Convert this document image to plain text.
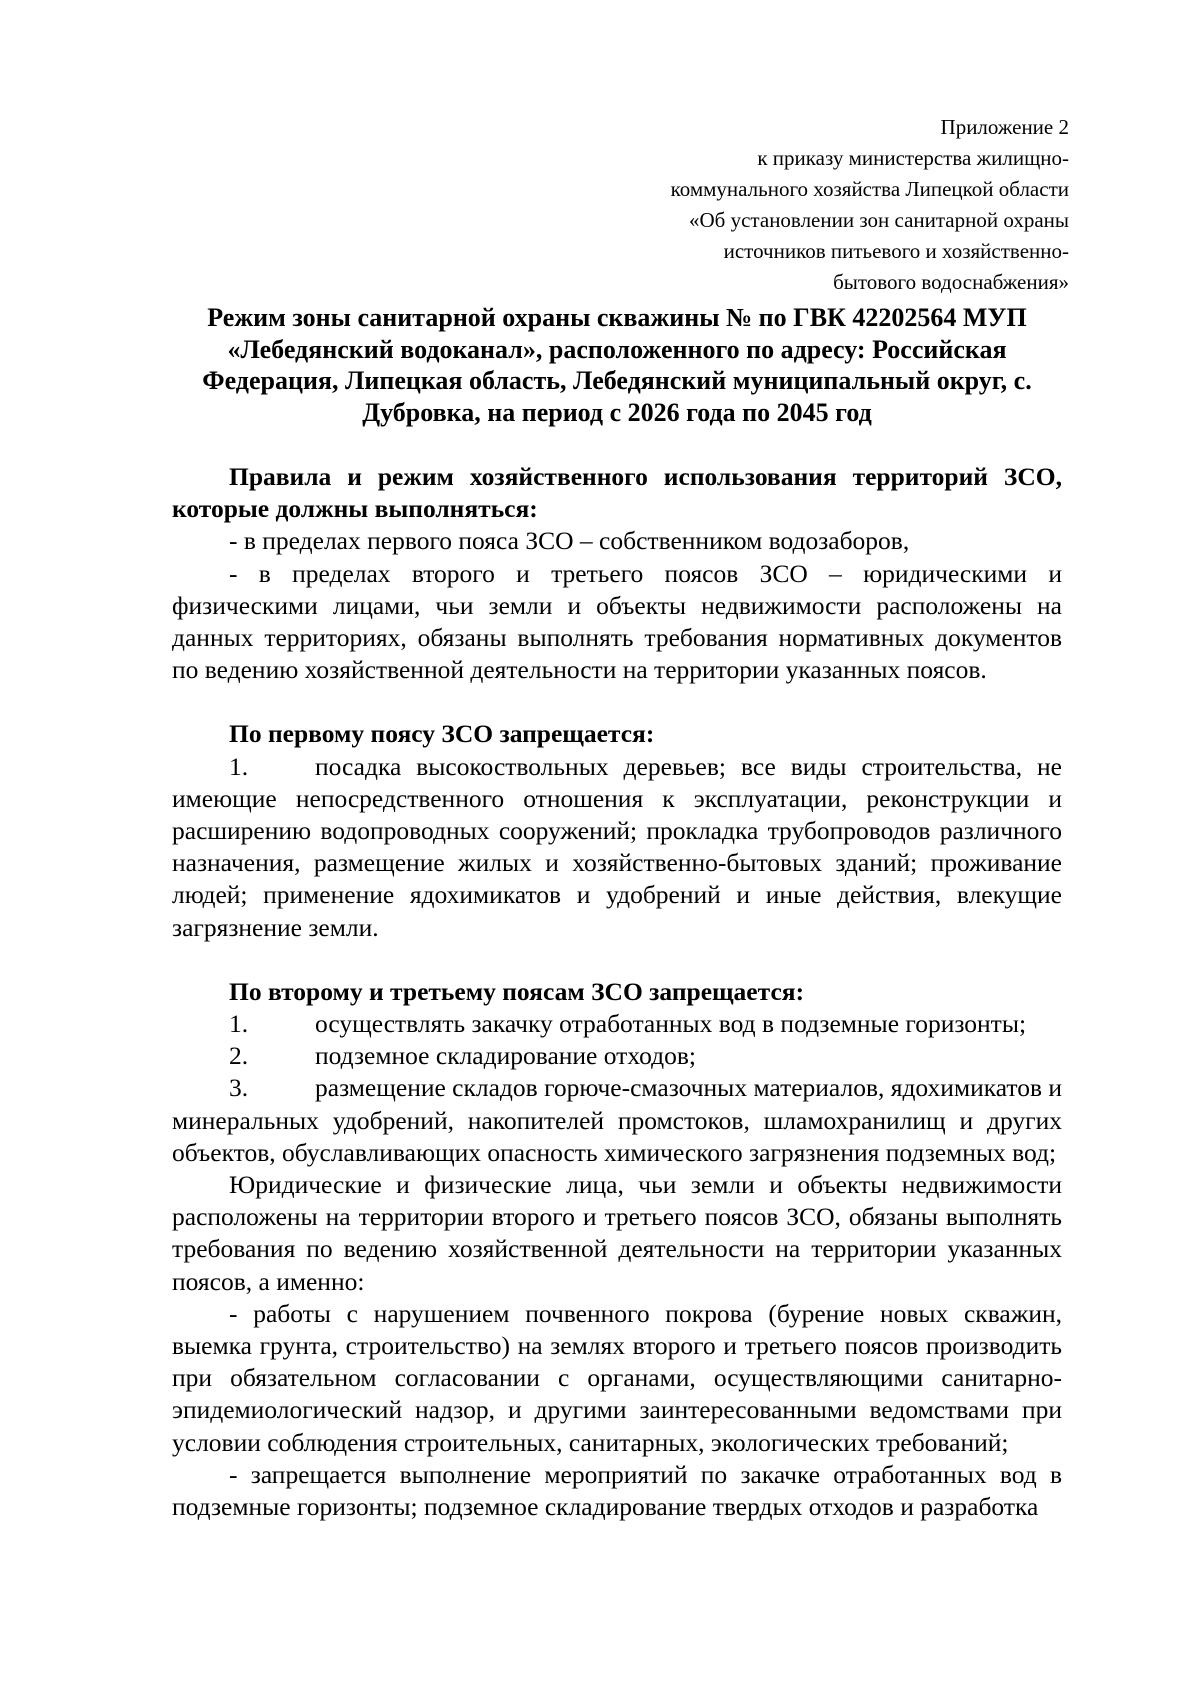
Приложение 2
к приказу министерства жилищно-
коммунального хозяйства Липецкой области
«Об установлении зон санитарной охраны
источников питьевого и хозяйственно-
бытового водоснабжения»
Режим зоны санитарной охраны скважины № по ГВК 42202564 МУП «Лебедянский водоканал», расположенного по адресу: Российская Федерация, Липецкая область, Лебедянский муниципальный округ, с. Дубровка, на период с 2026 года по 2045 год

Правила и режим хозяйственного использования территорий ЗСО, которые должны выполняться:

- в пределах первого пояса ЗСО – собственником водозаборов,

- в пределах второго и третьего поясов ЗСО – юридическими и физическими лицами, чьи земли и объекты недвижимости расположены на данных территориях, обязаны выполнять требования нормативных документов по ведению хозяйственной деятельности на территории указанных поясов.

По первому поясу ЗСО запрещается:

1.	посадка высокоствольных деревьев; все виды строительства, не имеющие непосредственного отношения к эксплуатации, реконструкции и расширению водопроводных сооружений; прокладка трубопроводов различного назначения, размещение жилых и хозяйственно-бытовых зданий; проживание людей; применение ядохимикатов и удобрений и иные действия, влекущие загрязнение земли.

По второму и третьему поясам ЗСО запрещается:

1.	осуществлять закачку отработанных вод в подземные горизонты;

2.	подземное складирование отходов;

3.	размещение складов горюче-смазочных материалов, ядохимикатов и минеральных удобрений, накопителей промстоков, шламохранилищ и других объектов, обуславливающих опасность химического загрязнения подземных вод;

Юридические и физические лица, чьи земли и объекты недвижимости расположены на территории второго и третьего поясов ЗСО, обязаны выполнять требования по ведению хозяйственной деятельности на территории указанных поясов, а именно:

- работы с нарушением почвенного покрова (бурение новых скважин, выемка грунта, строительство) на землях второго и третьего поясов производить при обязательном согласовании с органами, осуществляющими санитарно-эпидемиологический надзор, и другими заинтересованными ведомствами при условии соблюдения строительных, санитарных, экологических требований;

- запрещается выполнение мероприятий по закачке отработанных вод в подземные горизонты; подземное складирование твердых отходов и разработка
